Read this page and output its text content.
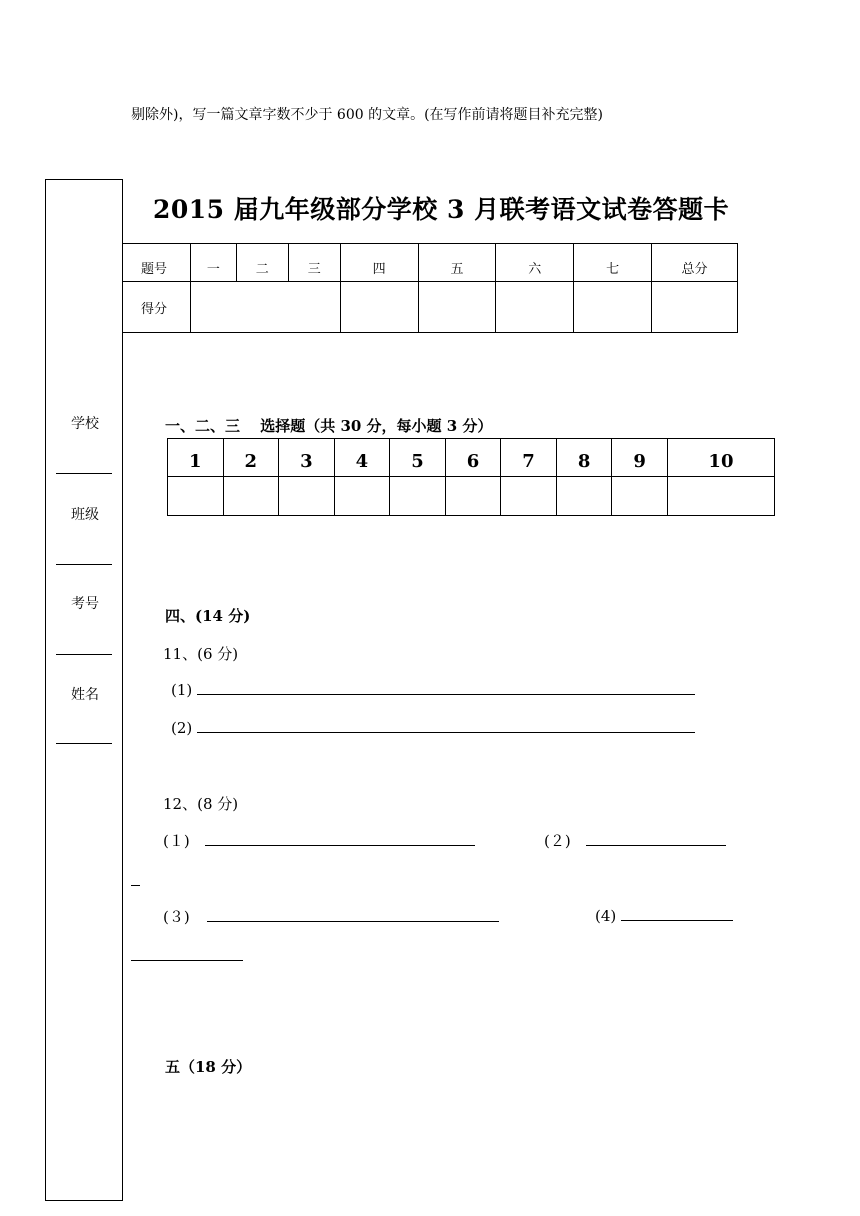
剔除外)，写一篇文章字数不少于 600 的文章。(在写作前请将题目补充完整)
学校
班级
考号
姓名
2015 届九年级部分学校 3 月联考语文试卷答题卡
题号	一	二	三	四	五	六	七	总分
得分								
一、二、三　 选择题（共 30 分，每小题 3 分）
1	2	3	4	5	6	7	8	9	10

四、(14 分)
11、(6 分)
(1)
(2)
12、(8 分)
(１)	(２)
(３)	(4)
五（18 分）
